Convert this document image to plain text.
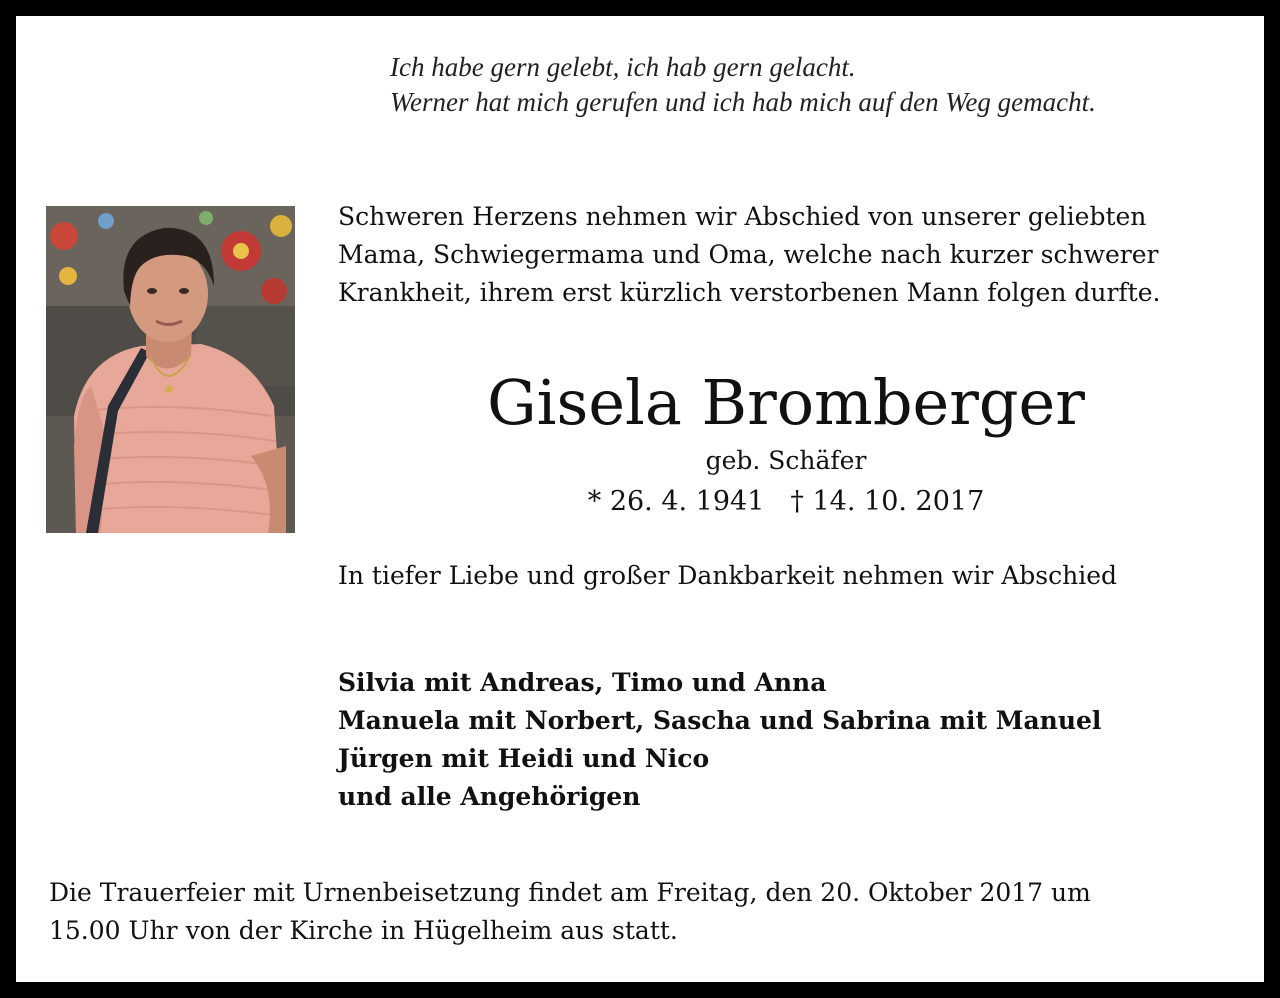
Ich habe gern gelebt, ich hab gern gelacht.
Werner hat mich gerufen und ich hab mich auf den Weg gemacht.
Schweren Herzens nehmen wir Abschied von unserer geliebten
Mama, Schwiegermama und Oma, welche nach kurzer schwerer
Krankheit, ihrem erst kürzlich verstorbenen Mann folgen durfte.
Gisela Bromberger
geb. Schäfer
* 26. 4. 1941 † 14. 10. 2017
In tiefer Liebe und großer Dankbarkeit nehmen wir Abschied
Silvia mit Andreas, Timo und Anna
Manuela mit Norbert, Sascha und Sabrina mit Manuel
Jürgen mit Heidi und Nico
und alle Angehörigen
Die Trauerfeier mit Urnenbeisetzung findet am Freitag, den 20. Oktober 2017 um
15.00 Uhr von der Kirche in Hügelheim aus statt.
